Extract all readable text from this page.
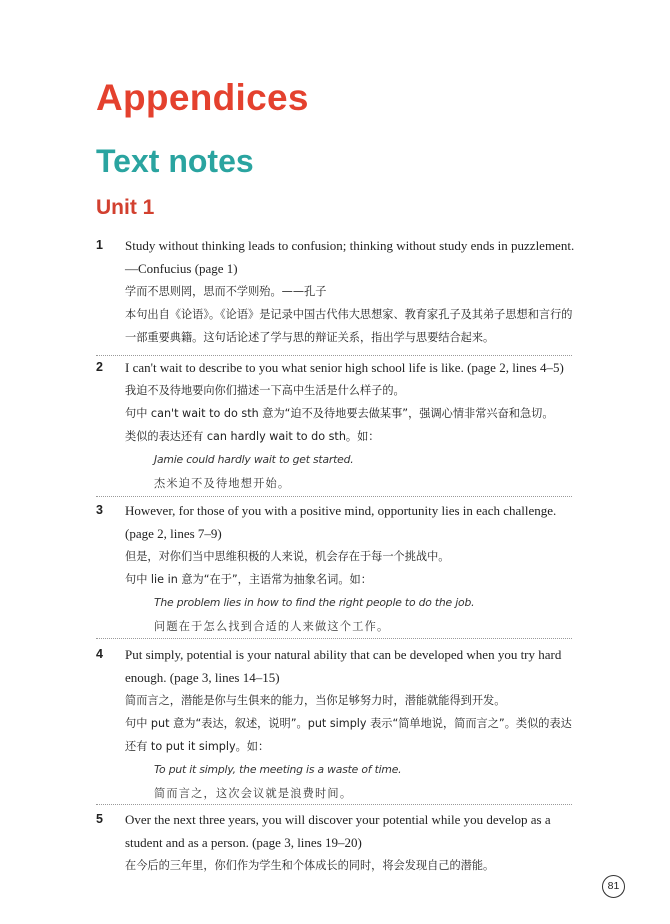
Appendices
Text notes
Unit 1
1	Study without thinking leads to confusion; thinking without study ends in puzzlement. —Confucius (page 1)
学而不思则罔，思而不学则殆。——孔子
本句出自《论语》。《论语》是记录中国古代伟大思想家、教育家孔子及其弟子思想和言行的一部重要典籍。这句话论述了学与思的辩证关系，指出学与思要结合起来。
2	I can't wait to describe to you what senior high school life is like. (page 2, lines 4–5)
我迫不及待地要向你们描述一下高中生活是什么样子的。
句中 can't wait to do sth 意为“迫不及待地要去做某事”，强调心情非常兴奋和急切。
类似的表达还有 can hardly wait to do sth。如：
Jamie could hardly wait to get started.
杰米迫不及待地想开始。
3	However, for those of you with a positive mind, opportunity lies in each challenge. (page 2, lines 7–9)
但是，对你们当中思维积极的人来说，机会存在于每一个挑战中。
句中 lie in 意为“在于”，主语常为抽象名词。如：
The problem lies in how to find the right people to do the job.
问题在于怎么找到合适的人来做这个工作。
4	Put simply, potential is your natural ability that can be developed when you try hard enough. (page 3, lines 14–15)
简而言之，潜能是你与生俱来的能力，当你足够努力时，潜能就能得到开发。
句中 put 意为“表达，叙述，说明”。put simply 表示“简单地说，简而言之”。类似的表达还有 to put it simply。如：
To put it simply, the meeting is a waste of time.
简而言之，这次会议就是浪费时间。
5	Over the next three years, you will discover your potential while you develop as a student and as a person. (page 3, lines 19–20)
在今后的三年里，你们作为学生和个体成长的同时，将会发现自己的潜能。
81
